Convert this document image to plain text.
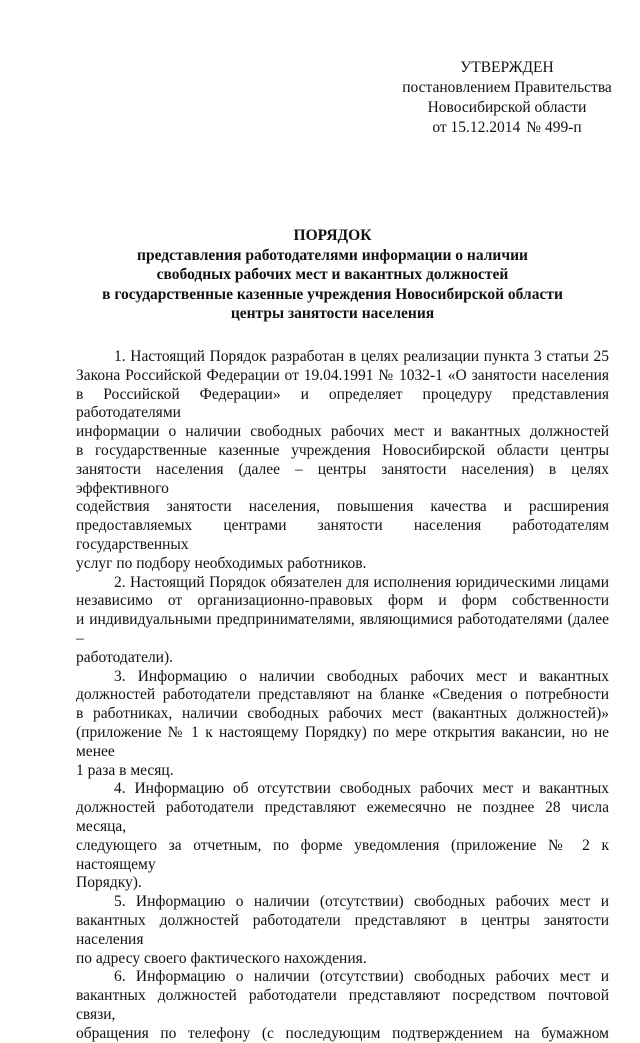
УТВЕРЖДЕН
постановлением Правительства
Новосибирской области
от 15.12.2014 № 499-п
ПОРЯДОК
представления работодателями информации о наличии
свободных рабочих мест и вакантных должностей
в государственные казенные учреждения Новосибирской области
центры занятости населения
1. Настоящий Порядок разработан в целях реализации пункта 3 статьи 25
Закона Российской Федерации от 19.04.1991 № 1032-1 «О занятости населения
в Российской Федерации» и определяет процедуру представления работодателями
информации о наличии свободных рабочих мест и вакантных должностей
в государственные казенные учреждения Новосибирской области центры
занятости населения (далее – центры занятости населения) в целях эффективного
содействия занятости населения, повышения качества и расширения
предоставляемых центрами занятости населения работодателям государственных
услуг по подбору необходимых работников.
2. Настоящий Порядок обязателен для исполнения юридическими лицами
независимо от организационно-правовых форм и форм собственности
и индивидуальными предпринимателями, являющимися работодателями (далее –
работодатели).
3. Информацию о наличии свободных рабочих мест и вакантных
должностей работодатели представляют на бланке «Сведения о потребности
в работниках, наличии свободных рабочих мест (вакантных должностей)»
(приложение № 1 к настоящему Порядку) по мере открытия вакансии, но не менее
1 раза в месяц.
4. Информацию об отсутствии свободных рабочих мест и вакантных
должностей работодатели представляют ежемесячно не позднее 28 числа месяца,
следующего за отчетным, по форме уведомления (приложение № 2 к настоящему
Порядку).
5. Информацию о наличии (отсутствии) свободных рабочих мест и
вакантных должностей работодатели представляют в центры занятости населения
по адресу своего фактического нахождения.
6. Информацию о наличии (отсутствии) свободных рабочих мест и
вакантных должностей работодатели представляют посредством почтовой связи,
обращения по телефону (с последующим подтверждением на бумажном
